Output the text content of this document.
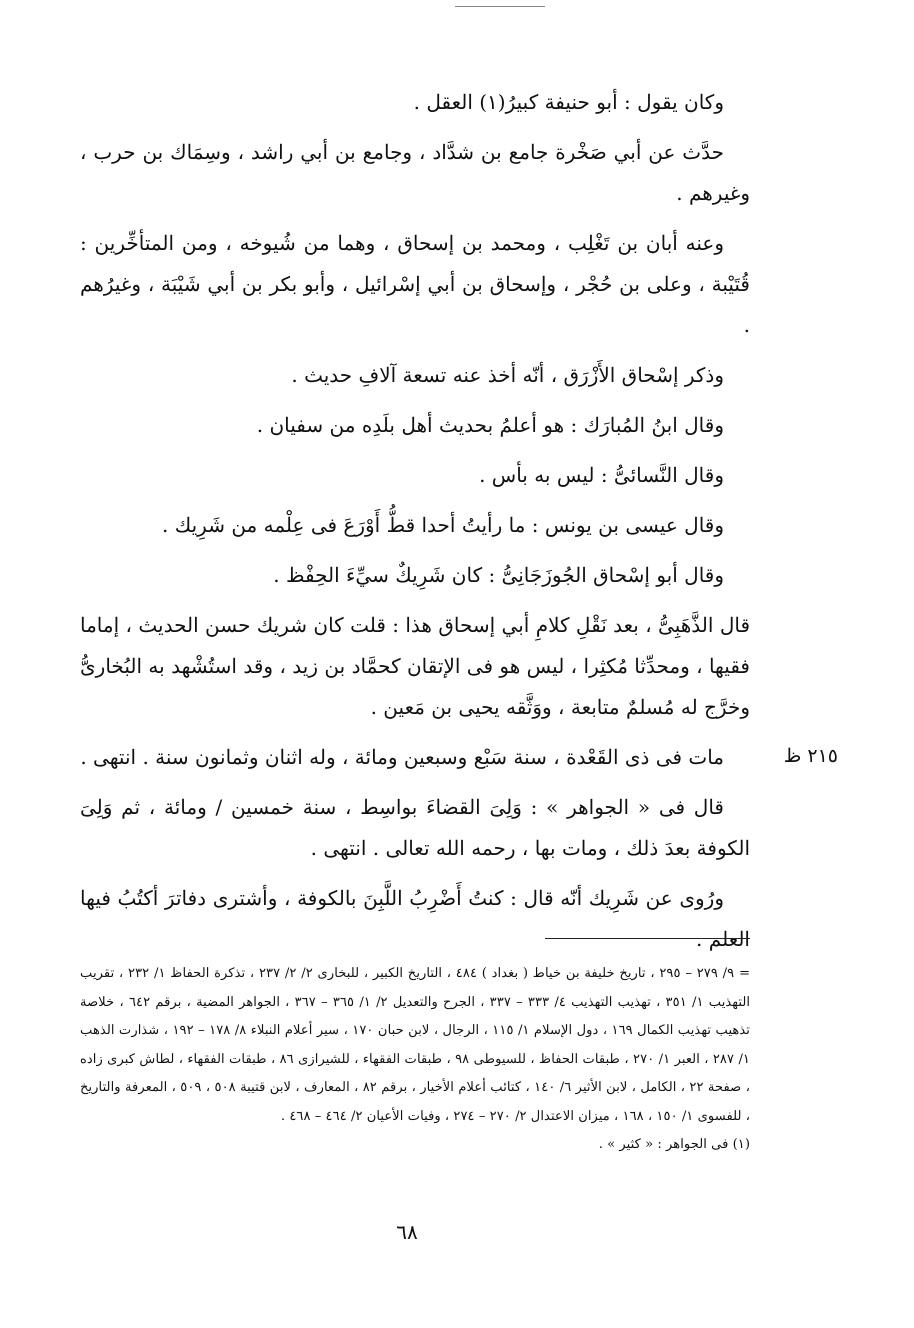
وكان يقول : أبو حنيفة كبيرُ(١) العقل .

حدَّث عن أبي صَخْرة جامع بن شدَّاد ، وجامع بن أبي راشد ، وسِمَاك بن حرب ، وغيرهم .

وعنه أبان بن تَغْلِب ، ومحمد بن إسحاق ، وهما من شُيوخه ، ومن المتأخِّرين : قُتَيْبة ، وعلى بن حُجْر ، وإسحاق بن أبي إسْرائيل ، وأبو بكر بن أبي شَيْبَة ، وغيرُهم .

وذكر إسْحاق الأَزْرَق ، أنّه أخذ عنه تسعة آلافِ حديث .

وقال ابنُ المُبارَك : هو أعلمُ بحديث أهل بلَدِه من سفيان .

وقال النَّسائىُّ : ليس به بأس .

وقال عيسى بن يونس : ما رأيتُ أحدا قطُّ أَوْرَعَ فى عِلْمه من شَرِيك .

وقال أبو إسْحاق الجُوزَجَانِىُّ : كان شَرِيكٌ سيِّءَ الحِفْظ .

قال الذَّهَبِىُّ ، بعد نَقْلِ كلامِ أبي إسحاق هذا : قلت كان شريك حسن الحديث ، إماما فقيها ، ومحدِّثا مُكثِرا ، ليس هو فى الإتقان كحمَّاد بن زيد ، وقد استُشْهد به البُخارىُّ وخرَّج له مُسلمٌ متابعة ، ووَثَّقه يحيى بن مَعين .

مات فى ذى القَعْدة ، سنة سَبْع وسبعين ومائة ، وله اثنان وثمانون سنة . انتهى .

قال فى « الجواهر » : وَلِىَ القضاءَ بواسِط ، سنة خمسين / ومائة ، ثم وَلِىَ الكوفة بعدَ ذلك ، ومات بها ، رحمه الله تعالى . انتهى .

ورُوى عن شَرِيك أنّه قال : كنتُ أَضْرِبُ اللَّبِنَ بالكوفة ، وأشترى دفاترَ أكتُبُ فيها العلم .

٢١٥ ظ

= ٩/ ٢٧٩ – ٢٩٥ ، تاريخ خليفة بن خياط ( بغداد ) ٤٨٤ ، التاريخ الكبير ، للبخارى ٢/ ٢/ ٢٣٧ ، تذكرة الحفاظ ١/ ٢٣٢ ، تقريب التهذيب ١/ ٣٥١ ، تهذيب التهذيب ٤/ ٣٣٣ – ٣٣٧ ، الجرح والتعديل ٢/ ١/ ٣٦٥ – ٣٦٧ ، الجواهر المضية ، برقم ٦٤٢ ، خلاصة تذهيب تهذيب الكمال ١٦٩ ، دول الإسلام ١/ ١١٥ ، الرجال ، لابن حبان ١٧٠ ، سير أعلام النبلاء ٨/ ١٧٨ – ١٩٢ ، شذارت الذهب ١/ ٢٨٧ ، العبر ١/ ٢٧٠ ، طبقات الحفاظ ، للسيوطى ٩٨ ، طبقات الفقهاء ، للشيرازى ٨٦ ، طبقات الفقهاء ، لطاش كبرى زاده ، صفحة ٢٢ ، الكامل ، لابن الأثير ٦/ ١٤٠ ، كتائب أعلام الأخيار ، برقم ٨٢ ، المعارف ، لابن قتيبة ٥٠٨ ، ٥٠٩ ، المعرفة والتاريخ ، للفسوى ١/ ١٥٠ ، ١٦٨ ، ميزان الاعتدال ٢/ ٢٧٠ – ٢٧٤ ، وفيات الأعيان ٢/ ٤٦٤ – ٤٦٨ .

(١) فى الجواهر : « كثير » .

٦٨
